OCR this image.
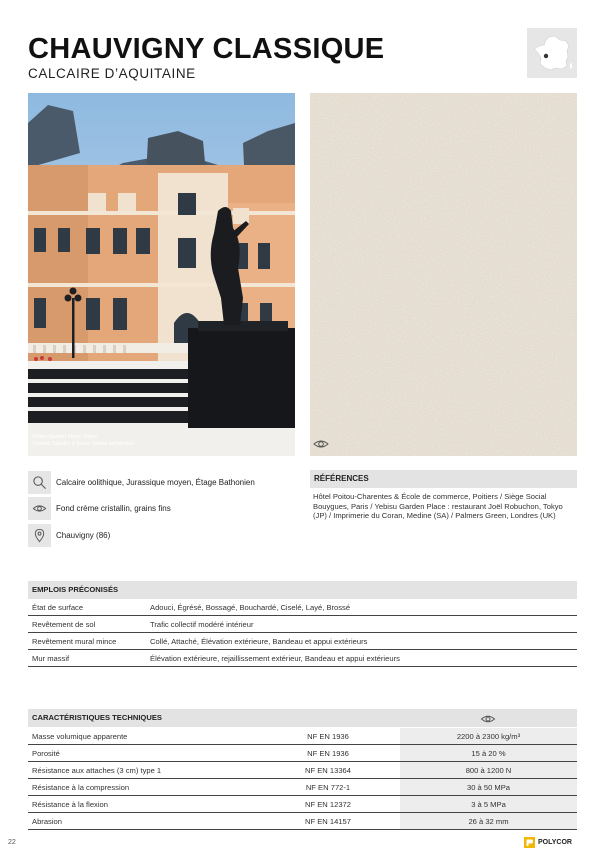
CHAUVIGNY CLASSIQUE
CALCAIRE D’AQUITAINE
Yebisu Garden Place, Tokyo
Conseil, Sanville & Kume Sekkei architectes
Calcaire oolithique, Jurassique moyen, Étage Bathonien
Fond crème cristallin, grains fins
Chauvigny (86)
RÉFÉRENCES
Hôtel Poitou-Charentes & École de commerce, Poitiers / Siège Social Bouygues, Paris / Yebisu Garden Place : restaurant Joël Robuchon, Tokyo (JP) / Imprimerie du Coran, Medine (SA) / Palmers Green, Londres (UK)
EMPLOIS PRÉCONISÉS
État de surface	Adouci, Égrésé, Bossagé, Bouchardé, Ciselé, Layé, Brossé
Revêtement de sol	Trafic collectif modéré intérieur
Revêtement mural mince	Collé, Attaché, Élévation extérieure, Bandeau et appui extérieurs
Mur massif	Élévation extérieure, rejaillissement extérieur, Bandeau et appui extérieurs
CARACTÉRISTIQUES TECHNIQUES
Masse volumique apparente	NF EN 1936	2200 à 2300 kg/m³
Porosité	NF EN 1936	15 à 20 %
Résistance aux attaches (3 cm) type 1	NF EN 13364	800 à 1200 N
Résistance à la compression	NF EN 772-1	30 à 50 MPa
Résistance à la flexion	NF EN 12372	3 à 5 MPa
Abrasion	NF EN 14157	26 à 32 mm
22	POLYCOR
